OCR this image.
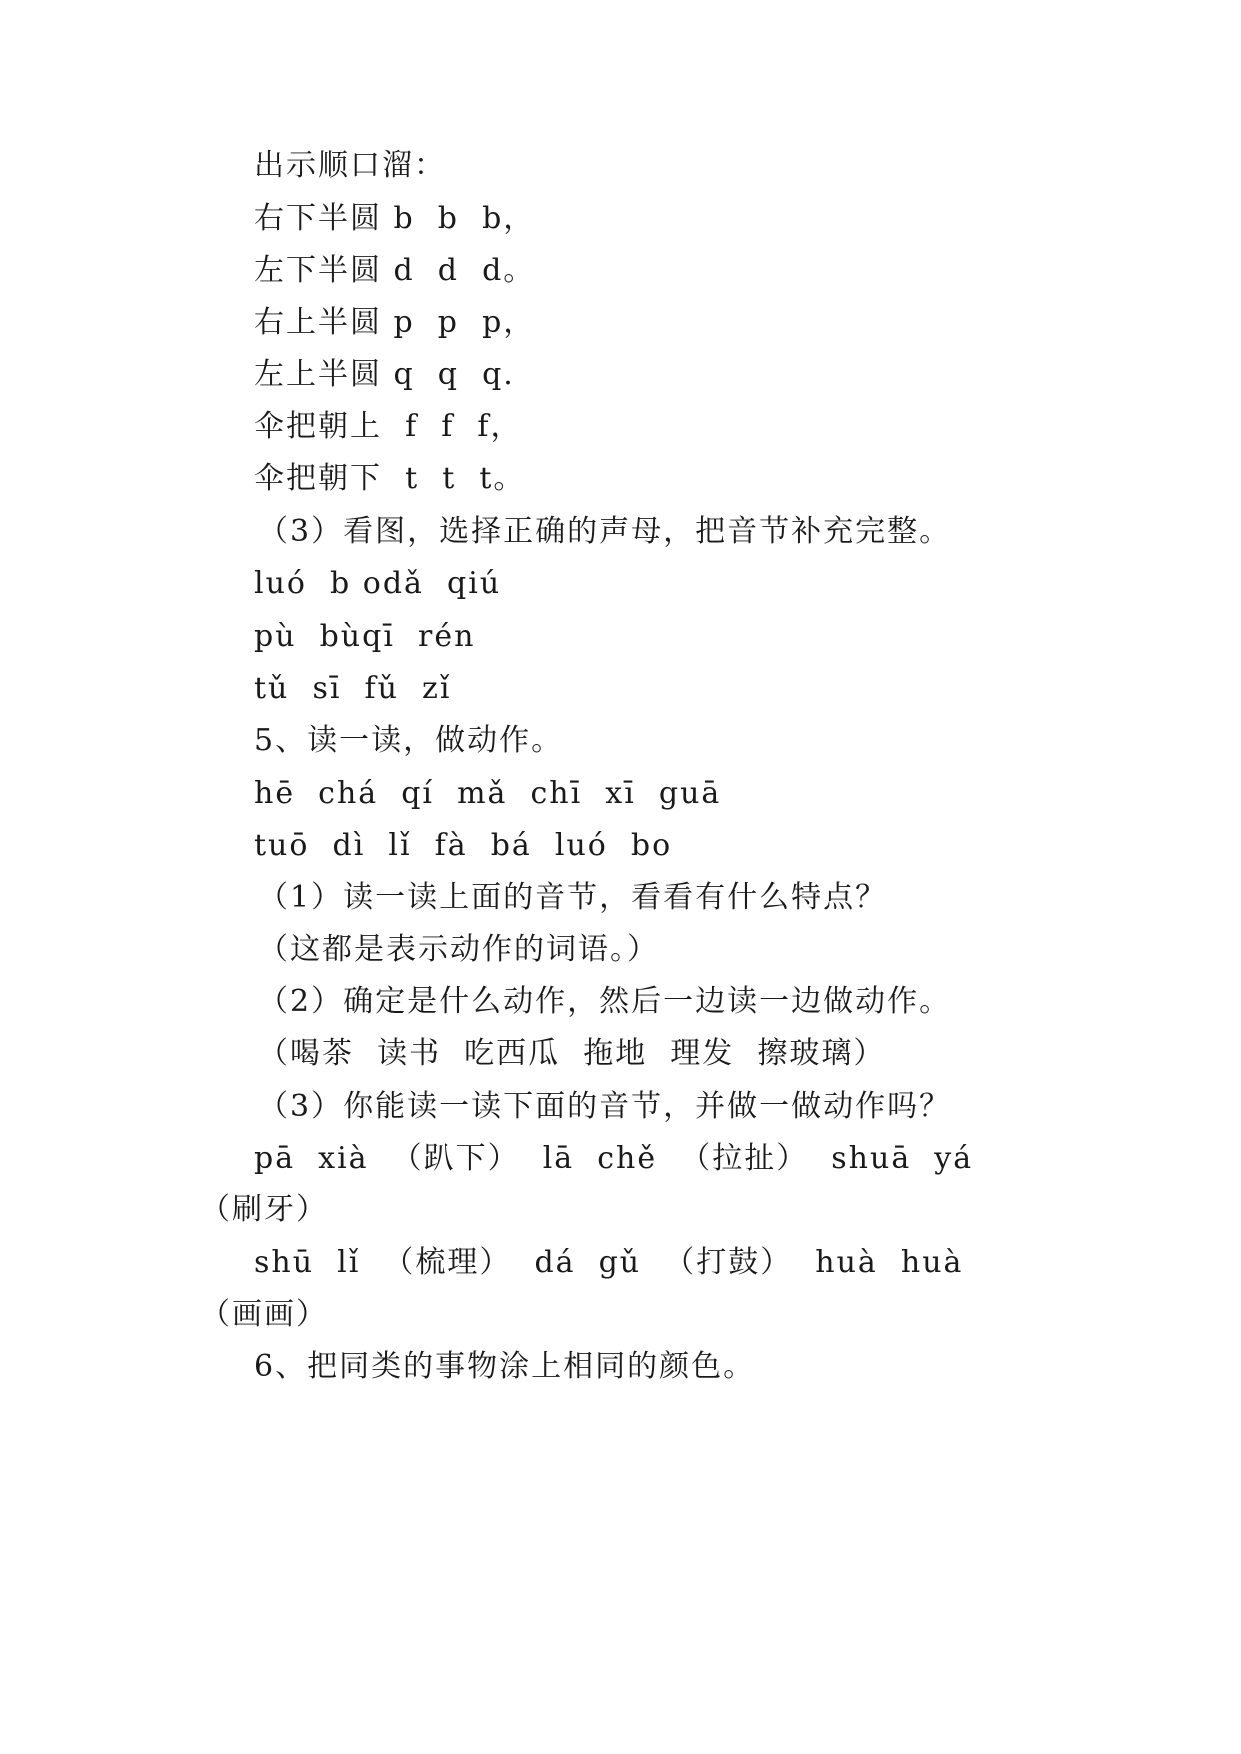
出示顺口溜：
右下半圆 b  b  b，
左下半圆 d  d  d。
右上半圆 p  p  p，
左上半圆 q  q  q.
伞把朝上  f  f  f，
伞把朝下  t  t  t。
（3）看图，选择正确的声母，把音节补充完整。
luó  b odǎ  qiú
pù  bùqī  rén
tǔ  sī  fǔ  zǐ
5、读一读，做动作。
hē  chá  qí  mǎ  chī  xī  guā
tuō  dì  lǐ  fà  bá  luó  bo
（1）读一读上面的音节，看看有什么特点？
（这都是表示动作的词语。）
（2）确定是什么动作，然后一边读一边做动作。
（喝茶  读书  吃西瓜  拖地  理发  擦玻璃）
（3）你能读一读下面的音节，并做一做动作吗？
pā  xià  （趴下）  lā  chě  （拉扯）  shuā  yá
（刷牙）
shū  lǐ  （梳理）  dá  gǔ  （打鼓）  huà  huà
（画画）
6、把同类的事物涂上相同的颜色。
